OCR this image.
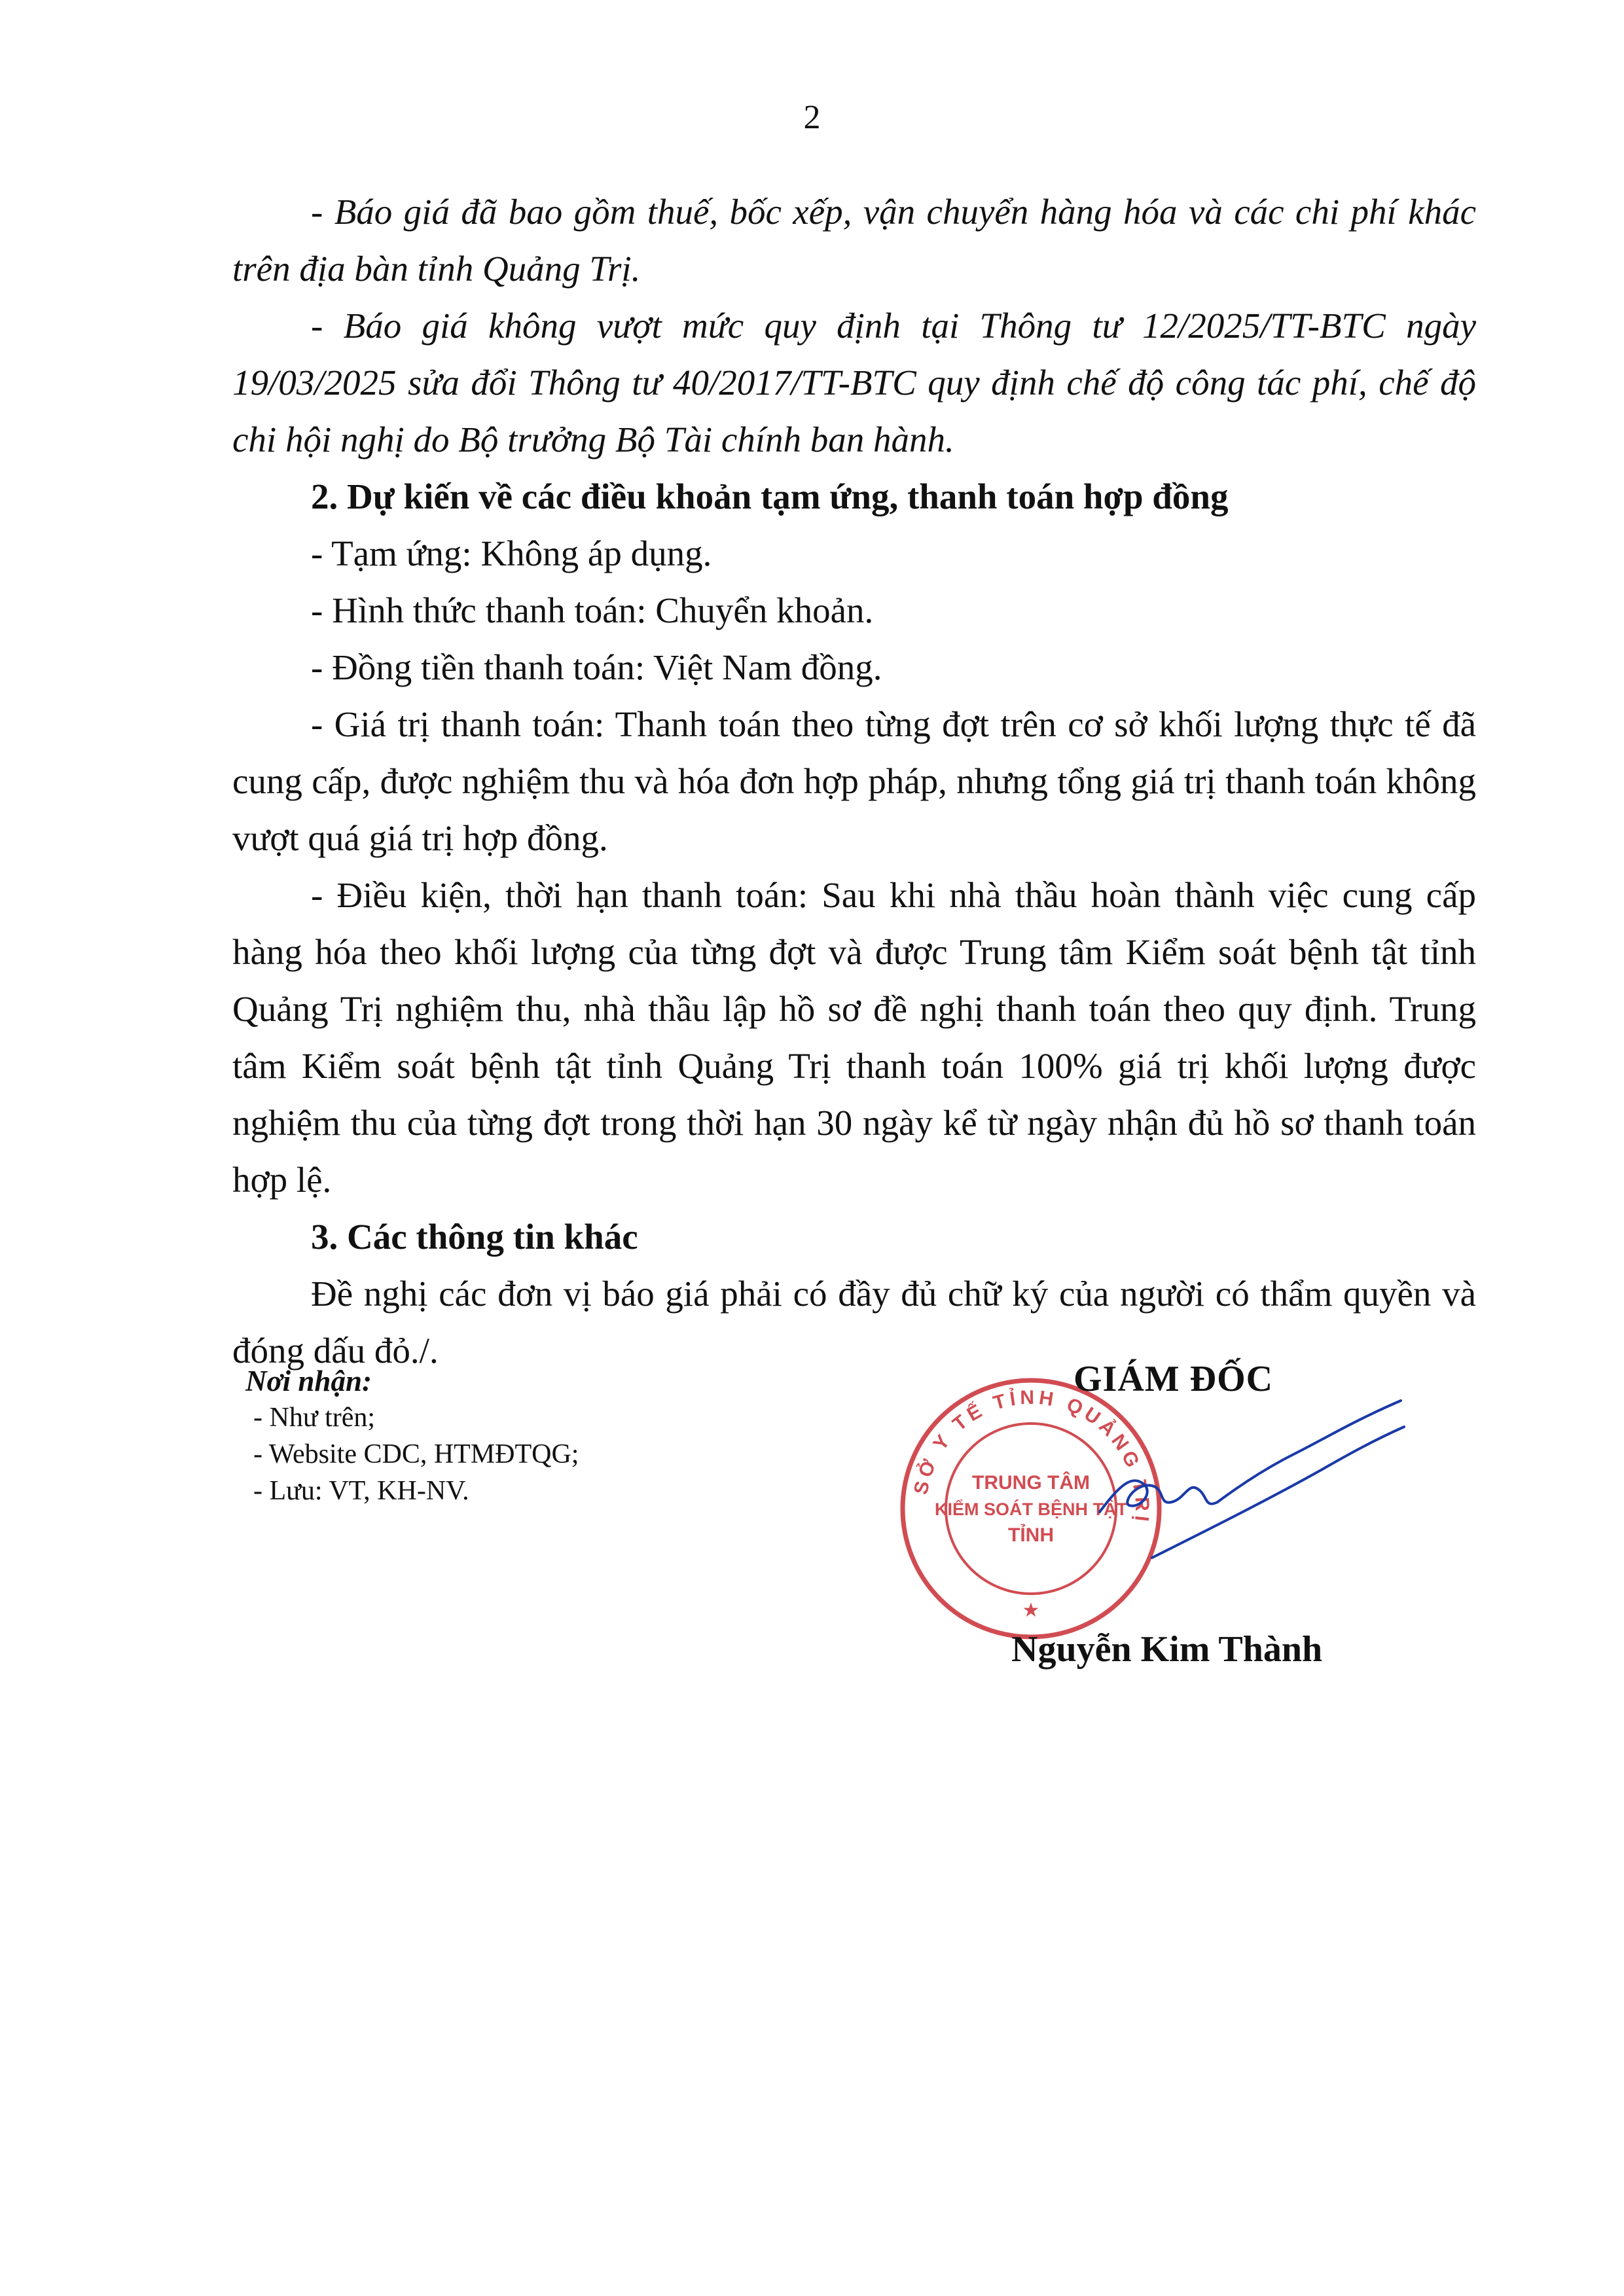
2

- Báo giá đã bao gồm thuế, bốc xếp, vận chuyển hàng hóa và các chi phí khác trên địa bàn tỉnh Quảng Trị.

- Báo giá không vượt mức quy định tại Thông tư 12/2025/TT-BTC ngày 19/03/2025 sửa đổi Thông tư 40/2017/TT-BTC quy định chế độ công tác phí, chế độ chi hội nghị do Bộ trưởng Bộ Tài chính ban hành.

2. Dự kiến về các điều khoản tạm ứng, thanh toán hợp đồng

- Tạm ứng: Không áp dụng.

- Hình thức thanh toán: Chuyển khoản.

- Đồng tiền thanh toán: Việt Nam đồng.

- Giá trị thanh toán: Thanh toán theo từng đợt trên cơ sở khối lượng thực tế đã cung cấp, được nghiệm thu và hóa đơn hợp pháp, nhưng tổng giá trị thanh toán không vượt quá giá trị hợp đồng.

- Điều kiện, thời hạn thanh toán: Sau khi nhà thầu hoàn thành việc cung cấp hàng hóa theo khối lượng của từng đợt và được Trung tâm Kiểm soát bệnh tật tỉnh Quảng Trị nghiệm thu, nhà thầu lập hồ sơ đề nghị thanh toán theo quy định. Trung tâm Kiểm soát bệnh tật tỉnh Quảng Trị thanh toán 100% giá trị khối lượng được nghiệm thu của từng đợt trong thời hạn 30 ngày kể từ ngày nhận đủ hồ sơ thanh toán hợp lệ.

3. Các thông tin khác

Đề nghị các đơn vị báo giá phải có đầy đủ chữ ký của người có thẩm quyền và đóng dấu đỏ./.

Nơi nhận:
- Như trên;
- Website CDC, HTMĐTQG;
- Lưu: VT, KH-NV.	SỞ Y TẾ TỈNH QUẢNG TRỊ
TRUNG TÂM
KIỂM SOÁT BỆNH TẬT
TỈNH
★
GIÁM ĐỐC
Nguyễn Kim Thành
